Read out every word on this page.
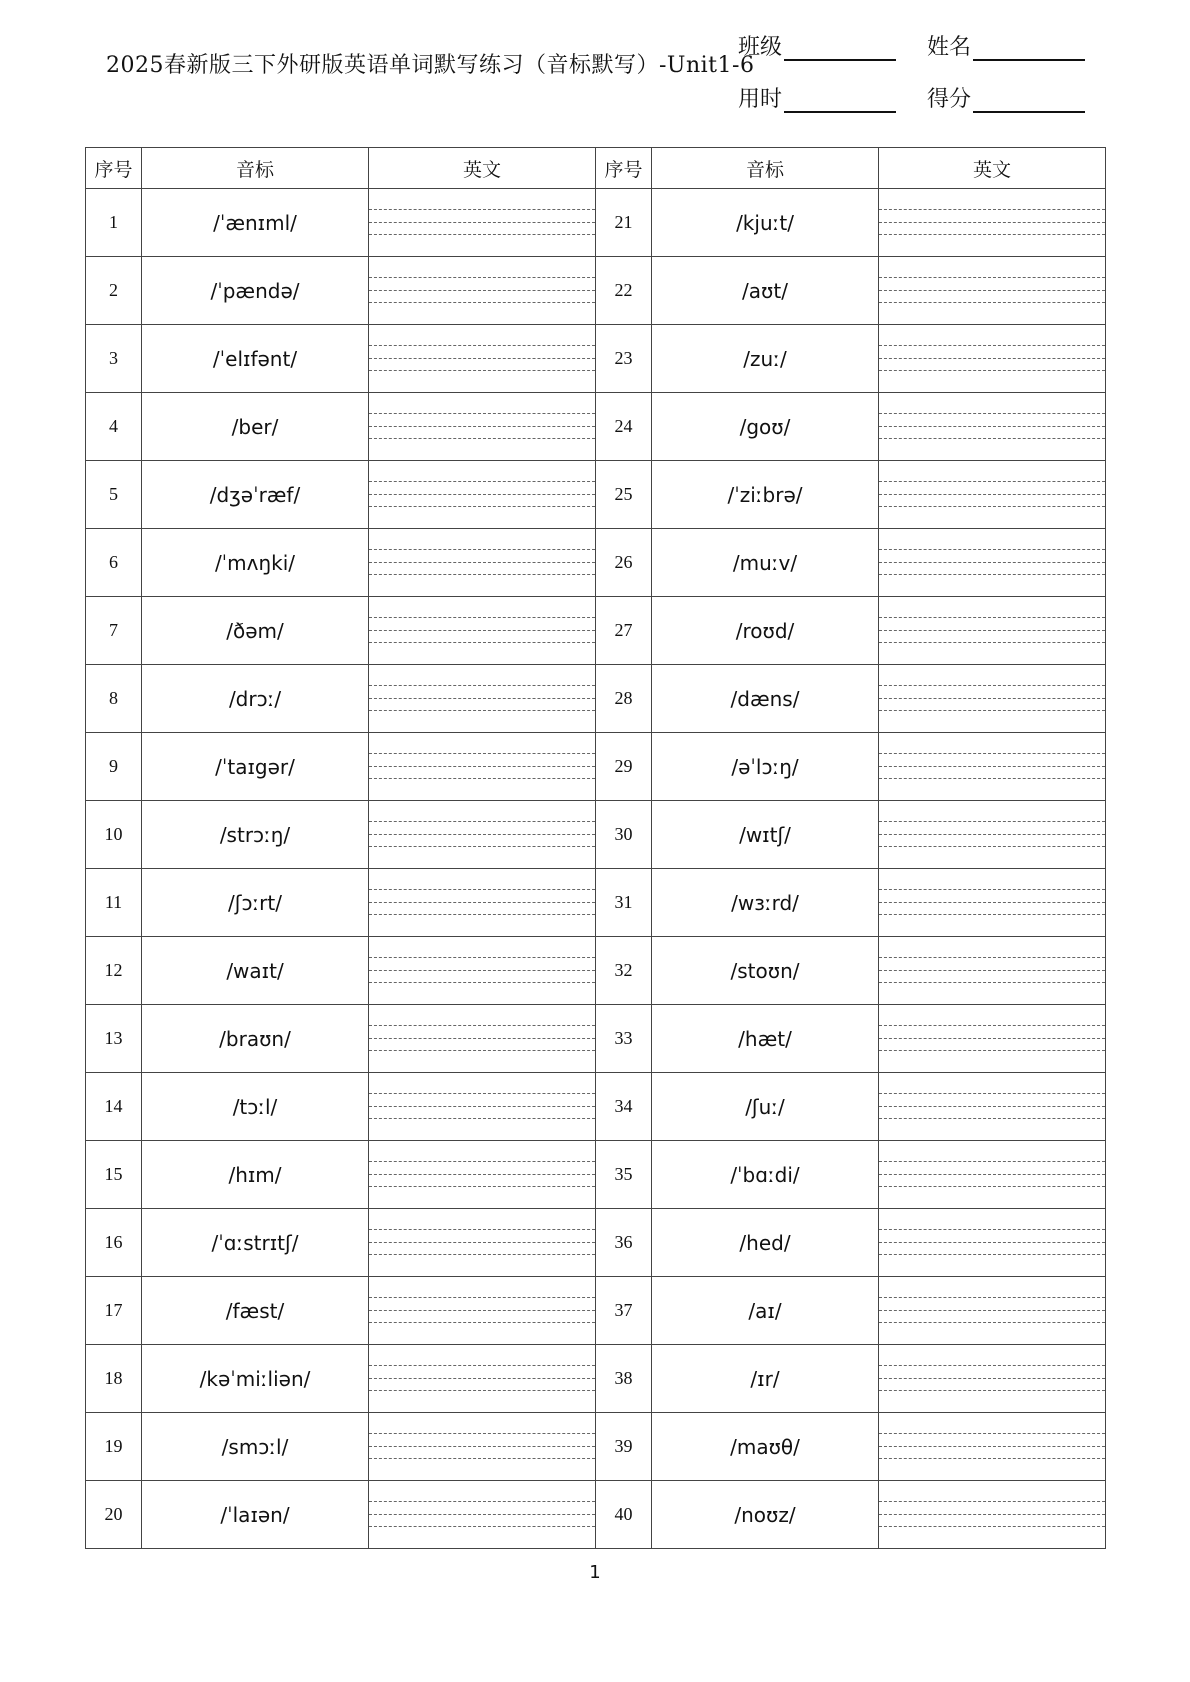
2025春新版三下外研版英语单词默写练习（音标默写）-Unit1-6
班级	姓名
用时	得分
序号	音标	英文	序号	音标	英文
1	/ˈænɪml/		21	/kjuːt/	

2	/ˈpændə/		22	/aʊt/	

3	/ˈelɪfənt/		23	/zuː/	

4	/ber/		24	/goʊ/	

5	/dʒəˈræf/		25	/ˈziːbrə/	

6	/ˈmʌŋki/		26	/muːv/	

7	/ðəm/		27	/roʊd/	

8	/drɔː/		28	/dæns/	

9	/ˈtaɪgər/		29	/əˈlɔːŋ/	

10	/strɔːŋ/		30	/wɪtʃ/	

11	/ʃɔːrt/		31	/wɜːrd/	

12	/waɪt/		32	/stoʊn/	

13	/braʊn/		33	/hæt/	

14	/tɔːl/		34	/ʃuː/	

15	/hɪm/		35	/ˈbɑːdi/	

16	/ˈɑːstrɪtʃ/		36	/hed/	

17	/fæst/		37	/aɪ/	

18	/kəˈmiːliən/		38	/ɪr/	

19	/smɔːl/		39	/maʊθ/	

20	/ˈlaɪən/		40	/noʊz/	
1
